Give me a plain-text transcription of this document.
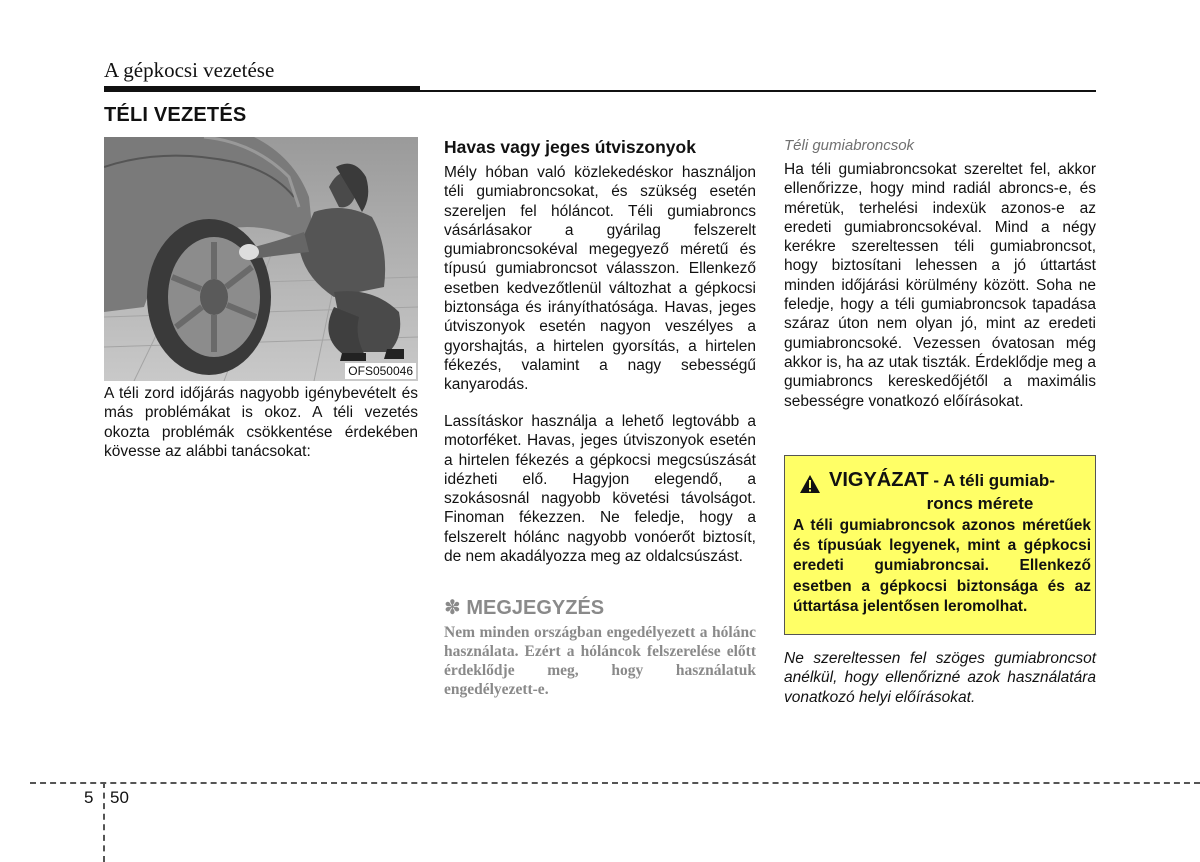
A gépkocsi vezetése
TÉLI VEZETÉS
OFS050046
A téli zord időjárás nagyobb igénybevételt és más problémákat is okoz. A téli vezetés okozta problémák csökkentése érdekében kövesse az alábbi tanácsokat:
Havas vagy jeges útviszonyok
Mély hóban való közlekedéskor használjon téli gumiabroncsokat, és szükség esetén szereljen fel hóláncot. Téli gumiabroncs vásárlásakor a gyárilag felszerelt gumiabroncsokéval megegyező méretű és típusú gumiabroncsot válasszon. Ellenkező esetben kedvezőtlenül változhat a gépkocsi biztonsága és irányíthatósága. Havas, jeges útviszonyok esetén nagyon veszélyes a gyorshajtás, a hirtelen gyorsítás, a hirtelen fékezés, valamint a nagy sebességű kanyarodás.
Lassításkor használja a lehető legtovább a motorféket. Havas, jeges útviszonyok esetén a hirtelen fékezés a gépkocsi megcsúszását idézheti elő. Hagyjon elegendő, a szokásosnál nagyobb követési távolságot. Finoman fékezzen. Ne feledje, hogy a felszerelt hólánc nagyobb vonóerőt biztosít, de nem akadályozza meg az oldalcsúszást.
✽ MEGJEGYZÉS
Nem minden országban engedélyezett a hólánc használata. Ezért a hóláncok felszerelése előtt érdeklődje meg, hogy használatuk engedélyezett-e.
Téli gumiabroncsok
Ha téli gumiabroncsokat szereltet fel, akkor ellenőrizze, hogy mind radiál abroncs-e, és méretük, terhelési indexük azonos-e az eredeti gumiabroncsokéval. Mind a négy kerékre szereltessen téli gumiabroncsot, hogy biztosítani lehessen a jó úttartást minden időjárási körülmény között. Soha ne feledje, hogy a téli gumiabroncsok tapadása száraz úton nem olyan jó, mint az eredeti gumiabroncsoké. Vezessen óvatosan még akkor is, ha az utak tiszták. Érdeklődje meg a gumiabroncs kereskedőjétől a maximális sebességre vonatkozó előírásokat.
VIGYÁZAT - A téli gumiab-
roncs mérete
A téli gumiabroncsok azonos méretűek és típusúak legyenek, mint a gépkocsi eredeti gumiabroncsai. Ellenkező esetben a gépkocsi biztonsága és az úttartása jelentősen leromolhat.
Ne szereltessen fel szöges gumiabroncsot anélkül, hogy ellenőrizné azok használatára vonatkozó helyi előírásokat.
5 50
